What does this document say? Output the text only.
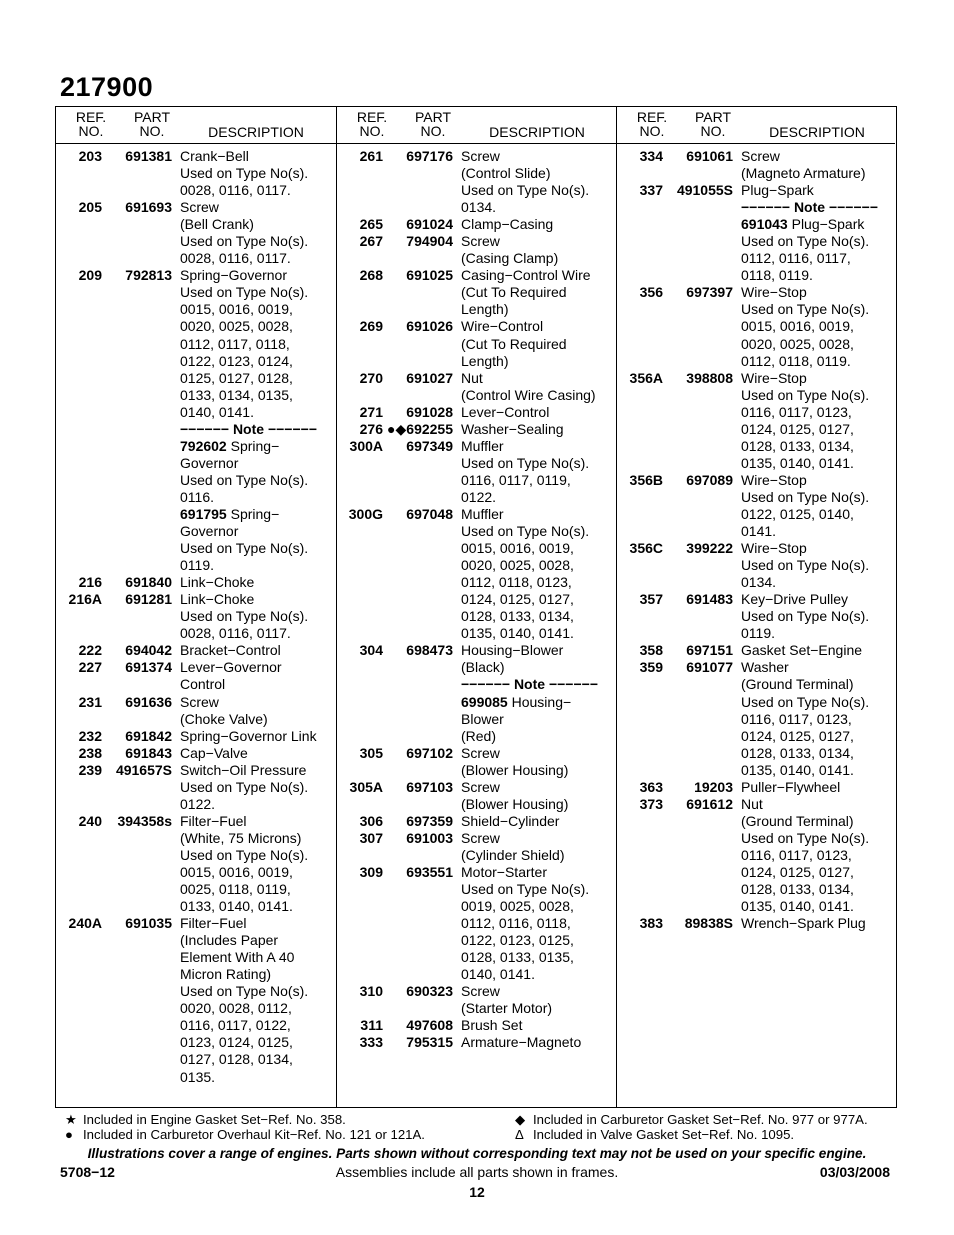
217900
REF.
NO.
PART
NO.	DESCRIPTION
203	691381 Crank−Bell
Used on Type No(s).
0028, 0116, 0117.
205	691693 Screw
(Bell Crank)
Used on Type No(s).
0028, 0116, 0117.
209	792813 Spring−Governor
Used on Type No(s).
0015, 0016, 0019,
0020, 0025, 0028,
0112, 0117, 0118,
0122, 0123, 0124,
0125, 0127, 0128,
0133, 0134, 0135,
0140, 0141.
−−−−−− Note −−−−−−
792602 Spring−
Governor
Used on Type No(s).
0116.
691795 Spring−
Governor
Used on Type No(s).
0119.
216	691840 Link−Choke
216A	691281 Link−Choke
Used on Type No(s).
0028, 0116, 0117.
222	694042 Bracket−Control
227	691374 Lever−Governor
Control
231	691636 Screw
(Choke Valve)
232	691842 Spring−Governor Link
238	691843 Cap−Valve
239 491657S Switch−Oil Pressure
Used on Type No(s).
0122.
240	394358s Filter−Fuel
(White, 75 Microns)
Used on Type No(s).
0015, 0016, 0019,
0025, 0118, 0119,
0133, 0140, 0141.
240A	691035 Filter−Fuel
(Includes Paper
Element With A 40
Micron Rating)
Used on Type No(s).
0020, 0028, 0112,
0116, 0117, 0122,
0123, 0124, 0125,
0127, 0128, 0134,
0135.
REF.
NO.
PART
NO.	DESCRIPTION
261	697176 Screw
(Control Slide)
Used on Type No(s).
0134.
265	691024 Clamp−Casing
267	794904 Screw
(Casing Clamp)
268	691025 Casing−Control Wire
(Cut To Required
Length)
269	691026 Wire−Control
(Cut To Required
Length)
270	691027 Nut
(Control Wire Casing)
271	691028 Lever−Control
276 ●◆692255 Washer−Sealing
300A	697349 Muffler
Used on Type No(s).
0116, 0117, 0119,
0122.
300G	697048 Muffler
Used on Type No(s).
0015, 0016, 0019,
0020, 0025, 0028,
0112, 0118, 0123,
0124, 0125, 0127,
0128, 0133, 0134,
0135, 0140, 0141.
304	698473 Housing−Blower
(Black)
−−−−−− Note −−−−−−
699085 Housing−
Blower
(Red)
305	697102 Screw
(Blower Housing)
305A	697103 Screw
(Blower Housing)
306	697359 Shield−Cylinder
307	691003 Screw
(Cylinder Shield)
309	693551 Motor−Starter
Used on Type No(s).
0019, 0025, 0028,
0112, 0116, 0118,
0122, 0123, 0125,
0128, 0133, 0135,
0140, 0141.
310	690323 Screw
(Starter Motor)
311	497608 Brush Set
333	795315 Armature−Magneto
REF.
NO.
PART
NO.	DESCRIPTION
334	691061 Screw
(Magneto Armature)
337 491055S Plug−Spark
−−−−−− Note −−−−−−
691043 Plug−Spark
Used on Type No(s).
0112, 0116, 0117,
0118, 0119.
356	697397 Wire−Stop
Used on Type No(s).
0015, 0016, 0019,
0020, 0025, 0028,
0112, 0118, 0119.
356A	398808 Wire−Stop
Used on Type No(s).
0116, 0117, 0123,
0124, 0125, 0127,
0128, 0133, 0134,
0135, 0140, 0141.
356B	697089 Wire−Stop
Used on Type No(s).
0122, 0125, 0140,
0141.
356C	399222 Wire−Stop
Used on Type No(s).
0134.
357	691483 Key−Drive Pulley
Used on Type No(s).
0119.
358	697151 Gasket Set−Engine
359	691077 Washer
(Ground Terminal)
Used on Type No(s).
0116, 0117, 0123,
0124, 0125, 0127,
0128, 0133, 0134,
0135, 0140, 0141.
363	19203 Puller−Flywheel
373	691612 Nut
(Ground Terminal)
Used on Type No(s).
0116, 0117, 0123,
0124, 0125, 0127,
0128, 0133, 0134,
0135, 0140, 0141.
383	89838S Wrench−Spark Plug
★ Included in Engine Gasket Set−Ref. No. 358.
● Included in Carburetor Overhaul Kit−Ref. No. 121 or 121A.
◆ Included in Carburetor Gasket Set−Ref. No. 977 or 977A.
Δ Included in Valve Gasket Set−Ref. No. 1095.
Illustrations cover a range of engines. Parts shown without corresponding text may not be used on your specific engine.
5708−12	Assemblies include all parts shown in frames.	03/03/2008
12
